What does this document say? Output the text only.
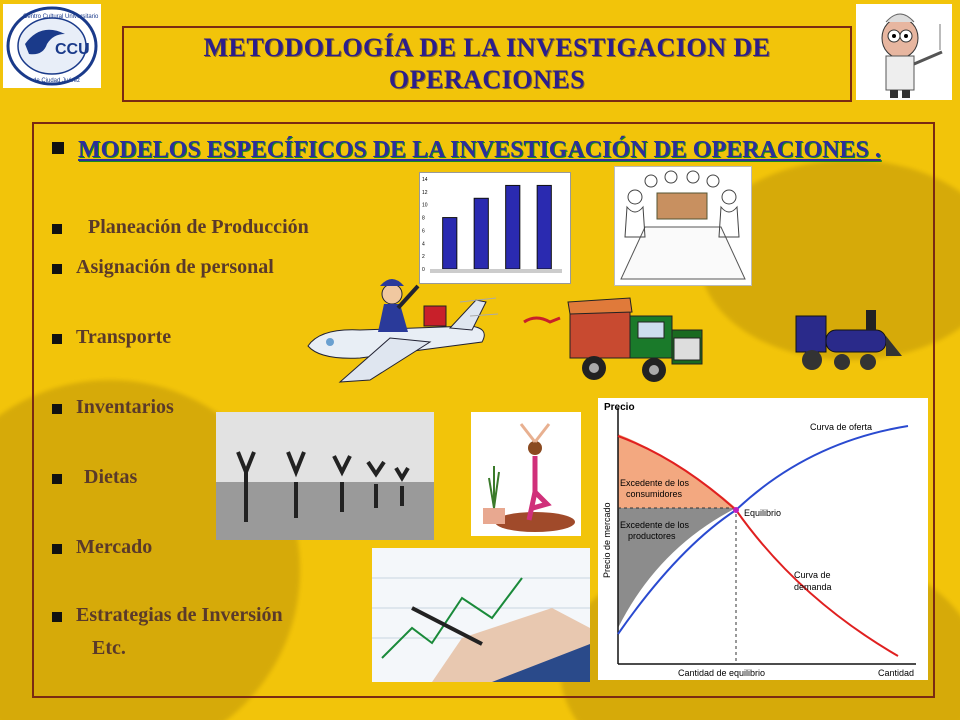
CCU
Centro Cultural Universitario
de Ciudad Juárez
METODOLOGÍA DE LA INVESTIGACION DE
OPERACIONES
MODELOS ESPECÍFICOS DE LA INVESTIGACIÓN DE OPERACIONES .
Planeación de Producción
Asignación de personal
Transporte
Inventarios
Dietas
Mercado
Estrategias de Inversión
Etc.
0
2
4
6
8
10
12
14
Precio
Precio de mercado
Cantidad de equilibrio	Cantidad
Curva de oferta
Curva de
demanda
Equilibrio
Excedente de los
consumidores
Excedente de los
productores
